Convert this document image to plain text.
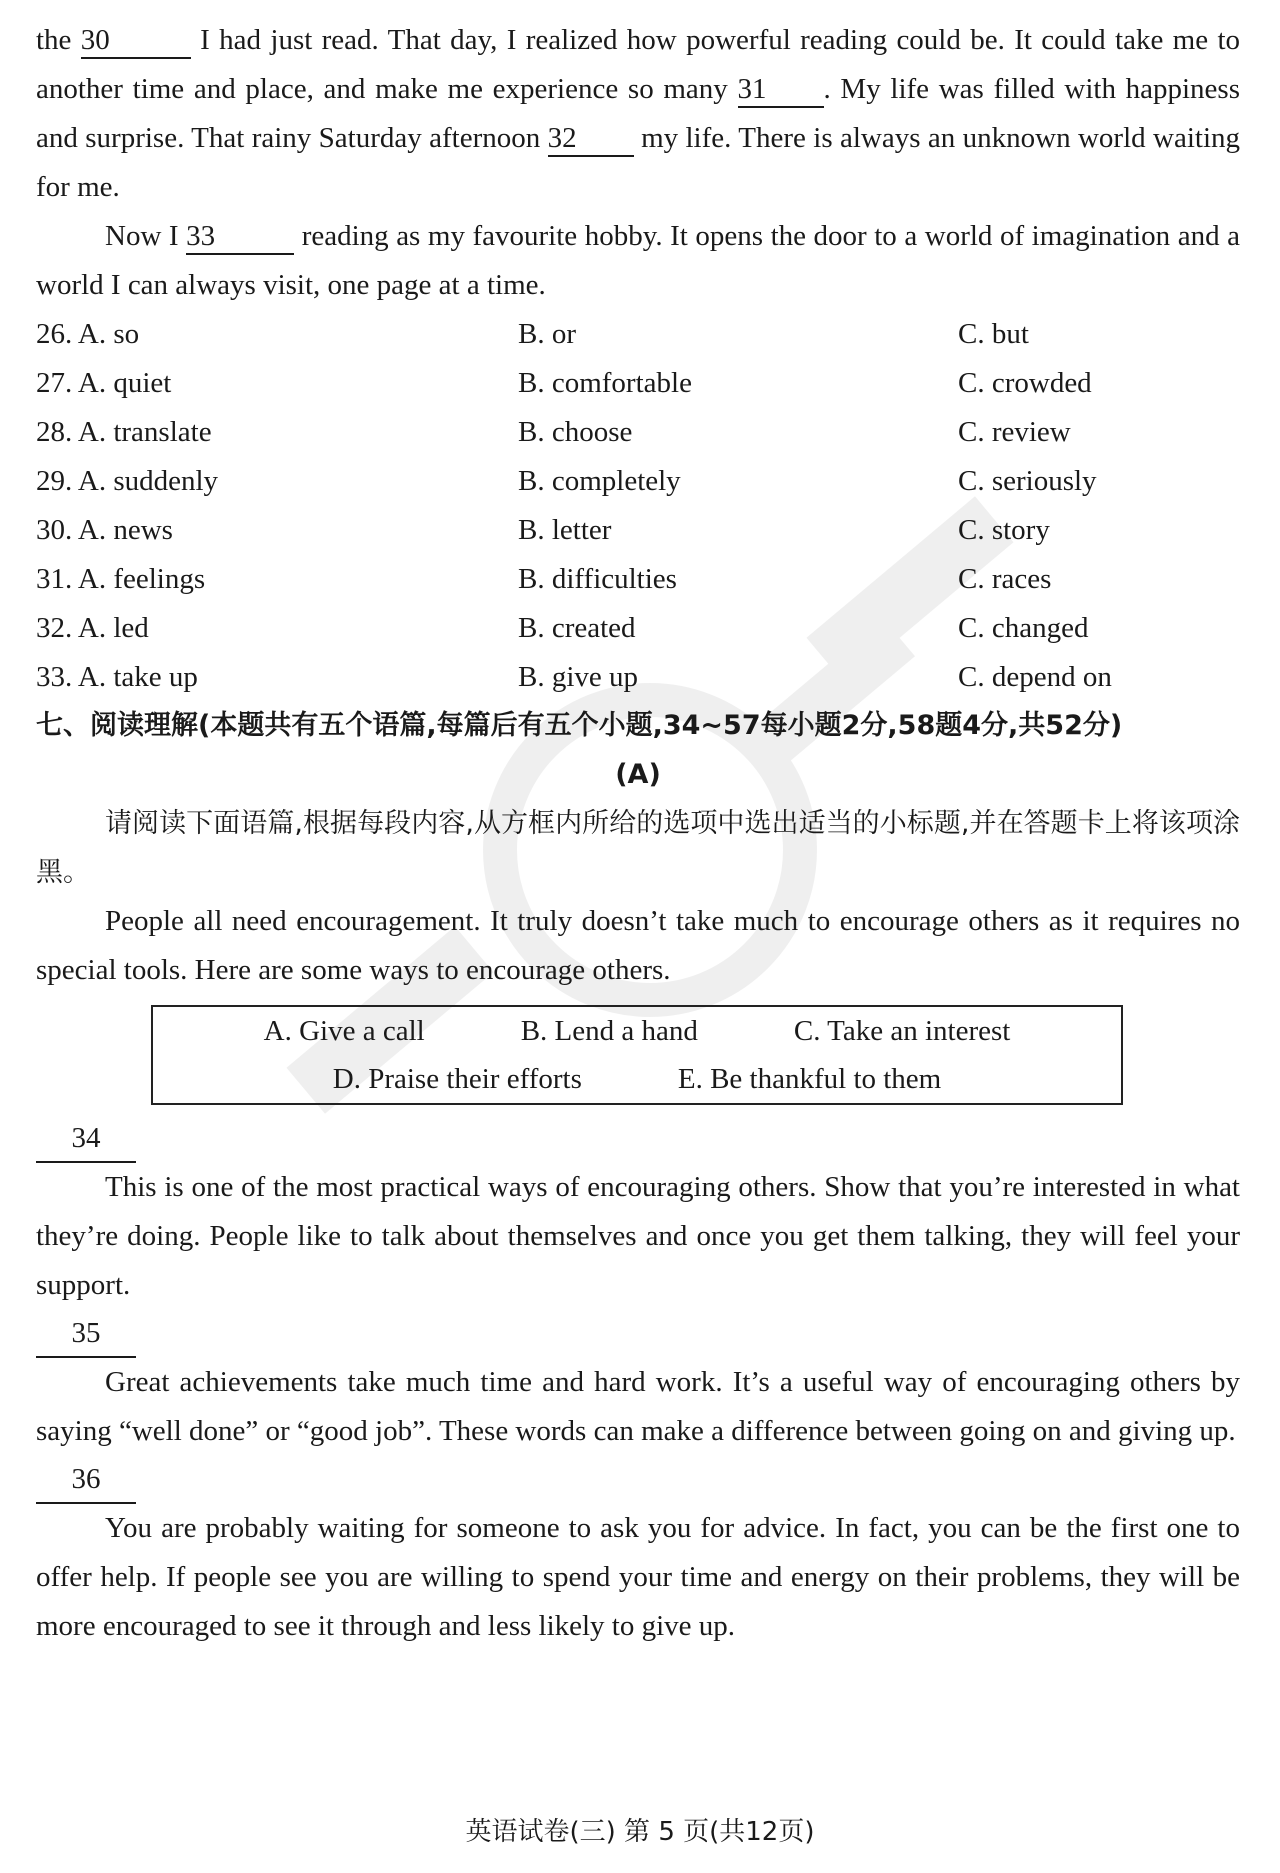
the 30	I had just read. That day, I realized how powerful reading could be. It could take me to another time and place, and make me experience so many 31 . My life was filled with happiness and surprise. That rainy Saturday afternoon 32 my life. There is always an unknown world waiting for me.

Now I 33	reading as my favourite hobby. It opens the door to a world of imagination and a world I can always visit, one page at a time.

26. A. so	B. or	C. but
27. A. quiet	B. comfortable	C. crowded
28. A. translate	B. choose	C. review
29. A. suddenly	B. completely	C. seriously
30. A. news	B. letter	C. story
31. A. feelings	B. difficulties	C. races
32. A. led	B. created	C. changed
33. A. take up	B. give up	C. depend on

七、阅读理解(本题共有五个语篇,每篇后有五个小题,34~57每小题2分,58题4分,共52分)

(A)

请阅读下面语篇,根据每段内容,从方框内所给的选项中选出适当的小标题,并在答题卡上将该项涂黑。

People all need encouragement. It truly doesn’t take much to encourage others as it requires no special tools. Here are some ways to encourage others.

A. Give a call	B. Lend a hand	C. Take an interest
D. Praise their efforts	E. Be thankful to them
34

This is one of the most practical ways of encouraging others. Show that you’re interested in what they’re doing. People like to talk about themselves and once you get them talking, they will feel your support.

35

Great achievements take much time and hard work. It’s a useful way of encouraging others by saying “well done” or “good job”. These words can make a difference between going on and giving up.

36

You are probably waiting for someone to ask you for advice. In fact, you can be the first one to offer help. If people see you are willing to spend your time and energy on their problems, they will be more encouraged to see it through and less likely to give up.

英语试卷(三) 第 5 页(共12页)
